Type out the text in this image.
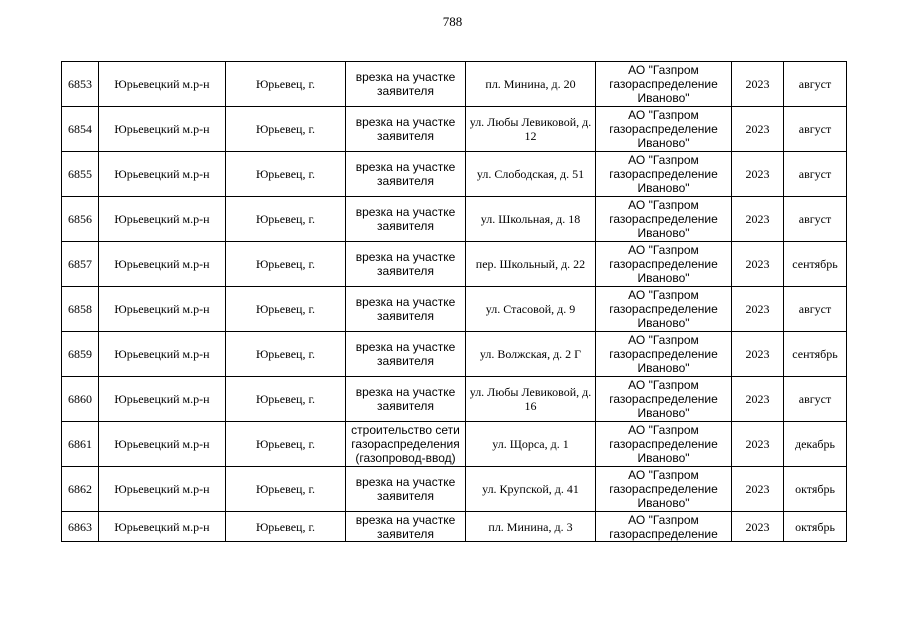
788
6853	Юрьевецкий м.р-н	Юрьевец, г.	врезка на участке заявителя	пл. Минина, д. 20	АО "Газпром газораспределение Иваново"	2023	август
6854	Юрьевецкий м.р-н	Юрьевец, г.	врезка на участке заявителя	ул. Любы Левиковой, д. 12	АО "Газпром газораспределение Иваново"	2023	август
6855	Юрьевецкий м.р-н	Юрьевец, г.	врезка на участке заявителя	ул. Слободская, д. 51	АО "Газпром газораспределение Иваново"	2023	август
6856	Юрьевецкий м.р-н	Юрьевец, г.	врезка на участке заявителя	ул. Школьная, д. 18	АО "Газпром газораспределение Иваново"	2023	август
6857	Юрьевецкий м.р-н	Юрьевец, г.	врезка на участке заявителя	пер. Школьный, д. 22	АО "Газпром газораспределение Иваново"	2023	сентябрь
6858	Юрьевецкий м.р-н	Юрьевец, г.	врезка на участке заявителя	ул. Стасовой, д. 9	АО "Газпром газораспределение Иваново"	2023	август
6859	Юрьевецкий м.р-н	Юрьевец, г.	врезка на участке заявителя	ул. Волжская, д. 2 Г	АО "Газпром газораспределение Иваново"	2023	сентябрь
6860	Юрьевецкий м.р-н	Юрьевец, г.	врезка на участке заявителя	ул. Любы Левиковой, д. 16	АО "Газпром газораспределение Иваново"	2023	август
6861	Юрьевецкий м.р-н	Юрьевец, г.	строительство сети газораспределения (газопровод-ввод)	ул. Щорса, д. 1	АО "Газпром газораспределение Иваново"	2023	декабрь
6862	Юрьевецкий м.р-н	Юрьевец, г.	врезка на участке заявителя	ул. Крупской, д. 41	АО "Газпром газораспределение Иваново"	2023	октябрь
6863	Юрьевецкий м.р-н	Юрьевец, г.	врезка на участке заявителя	пл. Минина, д. 3	АО "Газпром газораспределение	2023	октябрь
